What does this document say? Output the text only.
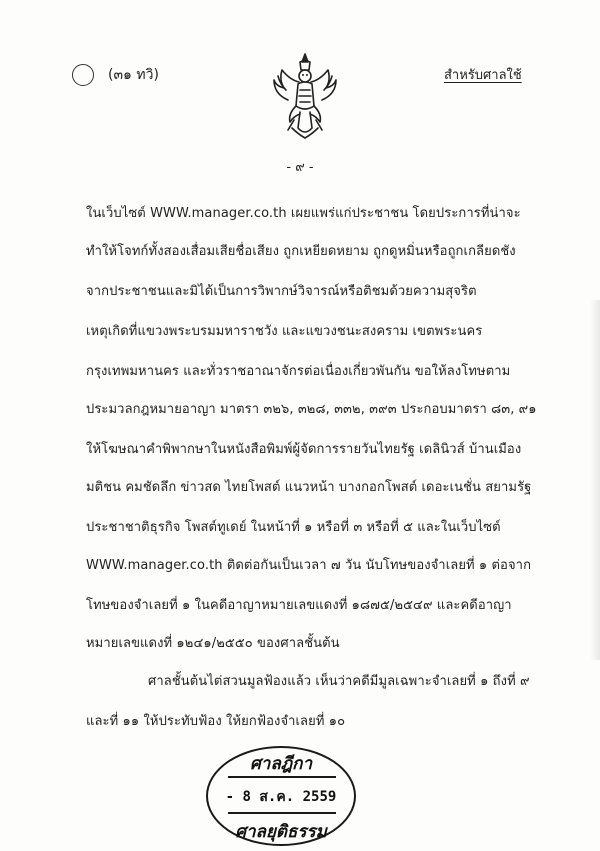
(๓๑ ทวิ)	สำหรับศาลใช้
- ๙ -
ในเว็บไซต์ WWW.manager.co.th เผยแพร่แก่ประชาชน โดยประการที่น่าจะ
ทำให้โจทก์ทั้งสองเสื่อมเสียชื่อเสียง ถูกเหยียดหยาม ถูกดูหมิ่นหรือถูกเกลียดชัง
จากประชาชนและมิได้เป็นการวิพากษ์วิจารณ์หรือติชมด้วยความสุจริต
เหตุเกิดที่แขวงพระบรมมหาราชวัง และแขวงชนะสงคราม เขตพระนคร
กรุงเทพมหานคร และทั่วราชอาณาจักรต่อเนื่องเกี่ยวพันกัน ขอให้ลงโทษตาม
ประมวลกฎหมายอาญา มาตรา ๓๒๖, ๓๒๘, ๓๓๒, ๓๙๓ ประกอบมาตรา ๘๓, ๙๑
ให้โฆษณาคำพิพากษาในหนังสือพิมพ์ผู้จัดการรายวันไทยรัฐ เดลินิวส์ บ้านเมือง
มติชน คมชัดลึก ข่าวสด ไทยโพสต์ แนวหน้า บางกอกโพสต์ เดอะเนชั่น สยามรัฐ
ประชาชาติธุรกิจ โพสต์ทูเดย์ ในหน้าที่ ๑ หรือที่ ๓ หรือที่ ๕ และในเว็บไซต์
WWW.manager.co.th ติดต่อกันเป็นเวลา ๗ วัน นับโทษของจำเลยที่ ๑ ต่อจาก
โทษของจำเลยที่ ๑ ในคดีอาญาหมายเลขแดงที่ ๑๘๗๕/๒๕๔๙ และคดีอาญา
หมายเลขแดงที่ ๑๒๔๑/๒๕๕๐ ของศาลชั้นต้น
ศาลชั้นต้นไต่สวนมูลฟ้องแล้ว เห็นว่าคดีมีมูลเฉพาะจำเลยที่ ๑ ถึงที่ ๙
และที่ ๑๑ ให้ประทับฟ้อง ให้ยกฟ้องจำเลยที่ ๑๐
ศาลฎีกา
- 8 ส.ค. 2559
ศาลยุติธรรม
